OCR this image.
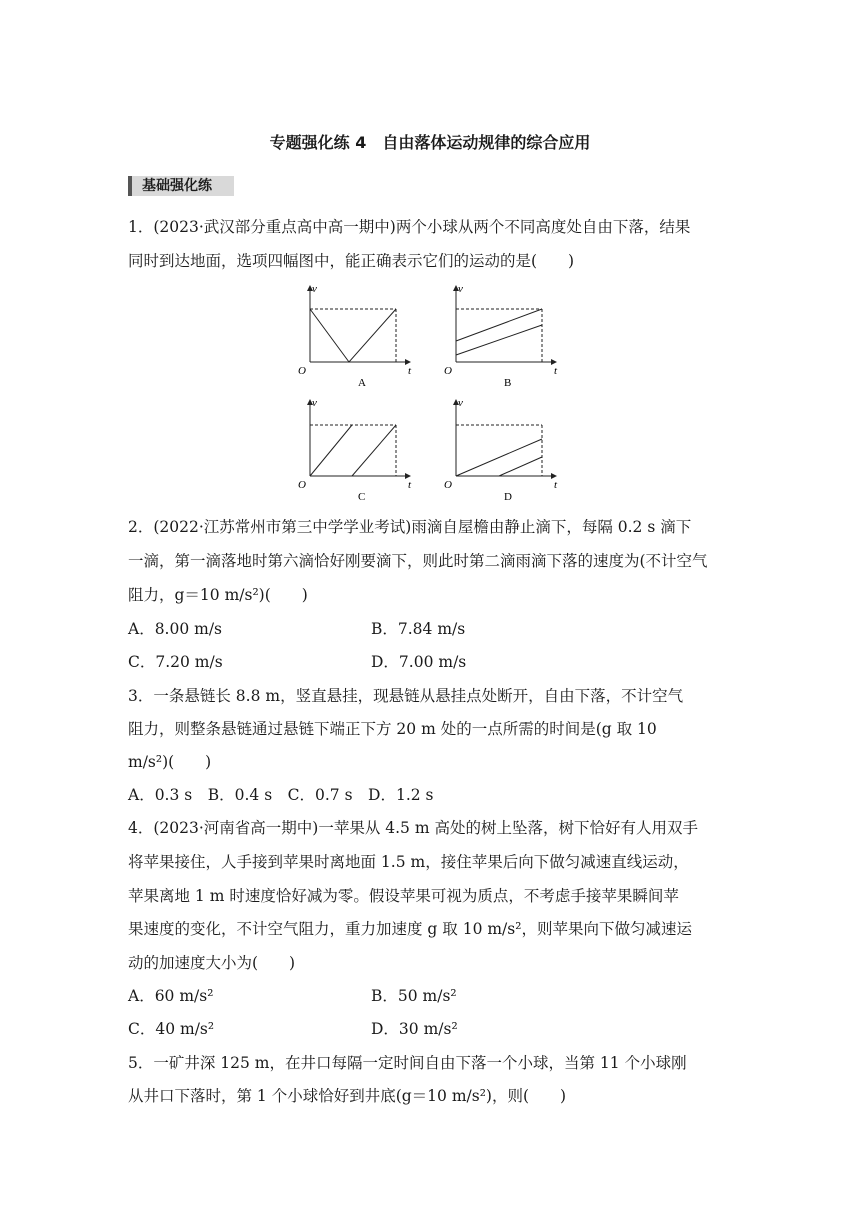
专题强化练 4　自由落体运动规律的综合应用
基础强化练
1．(2023·武汉部分重点高中高一期中)两个小球从两个不同高度处自由下落，结果
同时到达地面，选项四幅图中，能正确表示它们的运动的是(　　)
v
t
O
A
v
t
O
B
v
t
O
C
v
t
O
D
2．(2022·江苏常州市第三中学学业考试)雨滴自屋檐由静止滴下，每隔 0.2 s 滴下
一滴，第一滴落地时第六滴恰好刚要滴下，则此时第二滴雨滴下落的速度为(不计空气
阻力，g＝10 m/s²)(　　)
A．8.00 m/s	B．7.84 m/s
C．7.20 m/s	D．7.00 m/s
3．一条悬链长 8.8 m，竖直悬挂，现悬链从悬挂点处断开，自由下落，不计空气
阻力，则整条悬链通过悬链下端正下方 20 m 处的一点所需的时间是(g 取 10
m/s²)(　　)
A．0.3 s　B．0.4 s　C．0.7 s　D．1.2 s
4．(2023·河南省高一期中)一苹果从 4.5 m 高处的树上坠落，树下恰好有人用双手
将苹果接住，人手接到苹果时离地面 1.5 m，接住苹果后向下做匀减速直线运动，
苹果离地 1 m 时速度恰好减为零。假设苹果可视为质点，不考虑手接苹果瞬间苹
果速度的变化，不计空气阻力，重力加速度 g 取 10 m/s²，则苹果向下做匀减速运
动的加速度大小为(　　)
A．60 m/s²	B．50 m/s²
C．40 m/s²	D．30 m/s²
5．一矿井深 125 m，在井口每隔一定时间自由下落一个小球，当第 11 个小球刚
从井口下落时，第 1 个小球恰好到井底(g＝10 m/s²)，则(　　)
